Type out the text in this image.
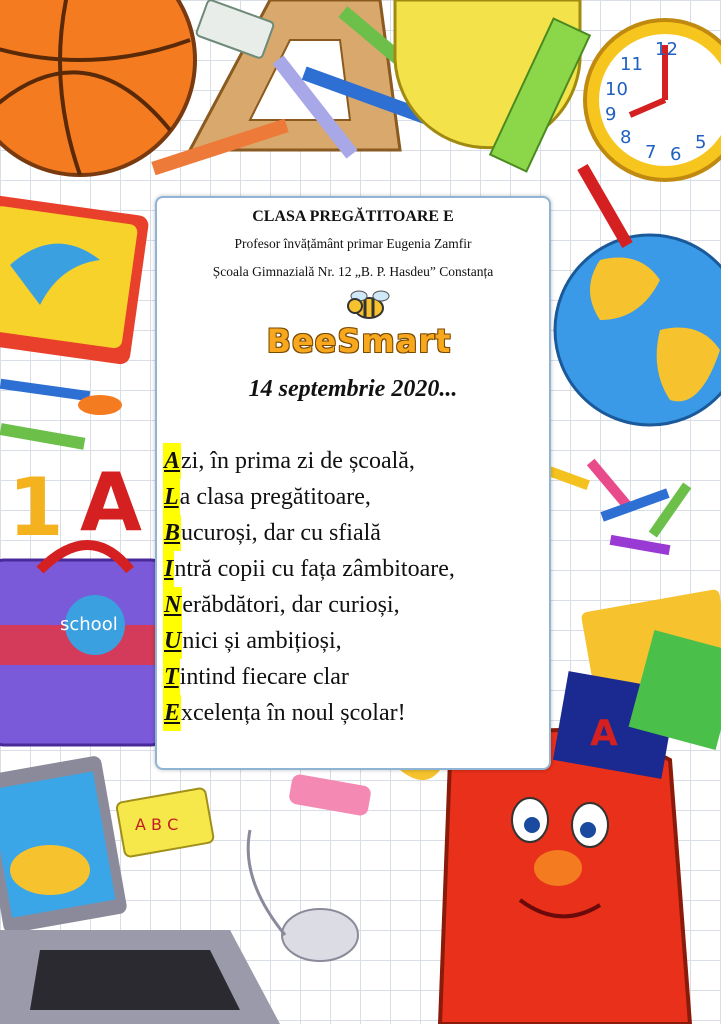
12
11
10
9
8
7 6
5
1 A
school
A B C
A
CLASA PREGĂTITOARE E
Profesor învățământ primar Eugenia Zamfir
Școala Gimnazială Nr. 12 „B. P. Hasdeu” Constanța
BeeSmart
14 septembrie 2020...
Azi, în prima zi de școală,
La clasa pregătitoare,
Bucuroși, dar cu sfială
Intră copii cu fața zâmbitoare,
Nerăbdători, dar curioși,
Unici și ambițioși,
Tintind fiecare clar
Excelența în noul școlar!
